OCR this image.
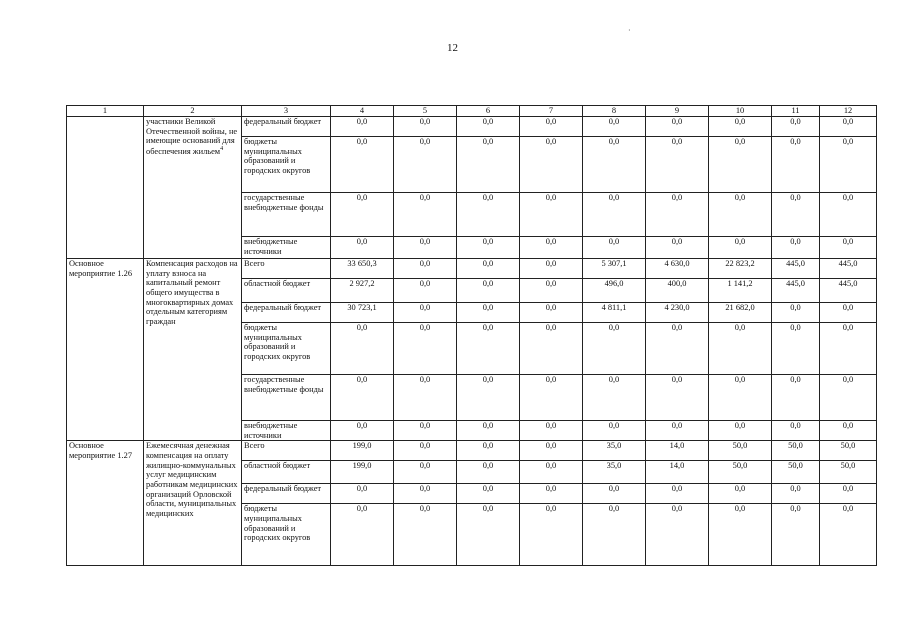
12
·
1	2	3	4	5	6	7	8	9	10	11	12
	участники Великой Отечественной войны, не имеющие оснований для обеспечения жильем$^4$	федеральный бюджет	0,0	0,0	0,0	0,0	0,0	0,0	0,0	0,0	0,0
		бюджеты муниципальных образований и городских округов	0,0	0,0	0,0	0,0	0,0	0,0	0,0	0,0	0,0
		государственные внебюджетные фонды	0,0	0,0	0,0	0,0	0,0	0,0	0,0	0,0	0,0
		внебюджетные источники	0,0	0,0	0,0	0,0	0,0	0,0	0,0	0,0	0,0
Основное мероприятие 1.26	Компенсация расходов на уплату взноса на капитальный ремонт общего имущества в многоквартирных домах отдельным категориям граждан	Всего	33 650,3	0,0	0,0	0,0	5 307,1	4 630,0	22 823,2	445,0	445,0
		областной бюджет	2 927,2	0,0	0,0	0,0	496,0	400,0	1 141,2	445,0	445,0
		федеральный бюджет	30 723,1	0,0	0,0	0,0	4 811,1	4 230,0	21 682,0	0,0	0,0
		бюджеты муниципальных образований и городских округов	0,0	0,0	0,0	0,0	0,0	0,0	0,0	0,0	0,0
		государственные внебюджетные фонды	0,0	0,0	0,0	0,0	0,0	0,0	0,0	0,0	0,0
		внебюджетные источники	0,0	0,0	0,0	0,0	0,0	0,0	0,0	0,0	0,0
Основное мероприятие 1.27	Ежемесячная денежная компенсация на оплату жилищно-коммунальных услуг медицинским работникам медицинских организаций Орловской области, муниципальных медицинских	Всего	199,0	0,0	0,0	0,0	35,0	14,0	50,0	50,0	50,0
		областной бюджет	199,0	0,0	0,0	0,0	35,0	14,0	50,0	50,0	50,0
		федеральный бюджет	0,0	0,0	0,0	0,0	0,0	0,0	0,0	0,0	0,0
		бюджеты муниципальных образований и городских округов	0,0	0,0	0,0	0,0	0,0	0,0	0,0	0,0	0,0
